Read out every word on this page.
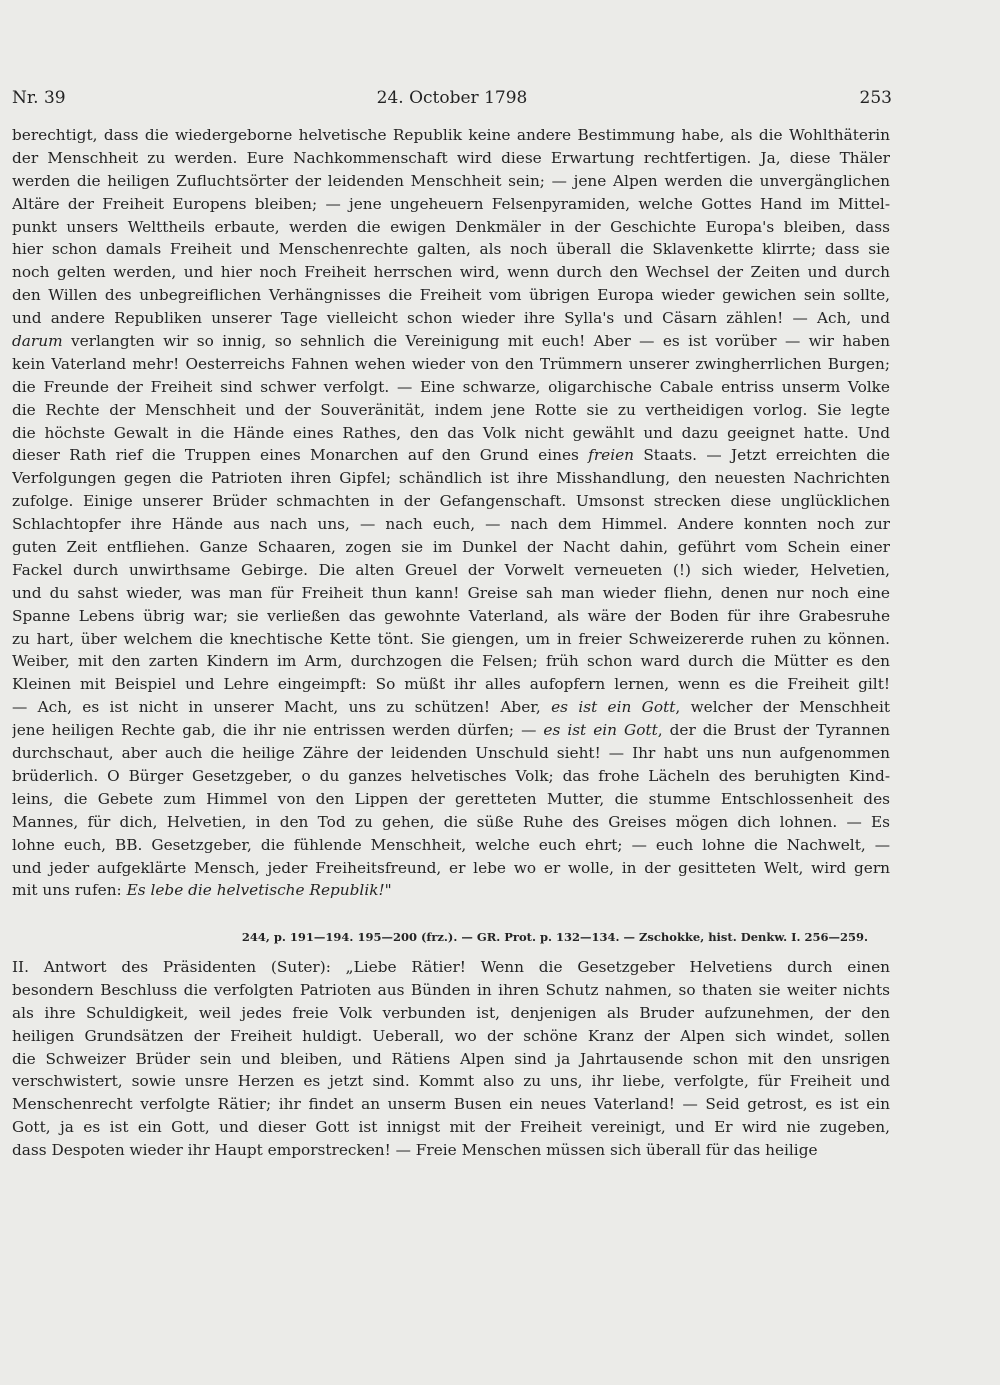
Nr. 39	24. October 1798	253
berechtigt, dass die wiedergeborne helvetische Republik keine andere Bestimmung habe, als die Wohlthäterin
der Menschheit zu werden. Eure Nachkommenschaft wird diese Erwartung rechtfertigen. Ja, diese Thäler
werden die heiligen Zufluchtsörter der leidenden Menschheit sein; — jene Alpen werden die unvergänglichen
Altäre der Freiheit Europens bleiben; — jene ungeheuern Felsenpyramiden, welche Gottes Hand im Mittel-
punkt unsers Welttheils erbaute, werden die ewigen Denkmäler in der Geschichte Europa's bleiben, dass
hier schon damals Freiheit und Menschenrechte galten, als noch überall die Sklavenkette klirrte; dass sie
noch gelten werden, und hier noch Freiheit herrschen wird, wenn durch den Wechsel der Zeiten und durch
den Willen des unbegreiflichen Verhängnisses die Freiheit vom übrigen Europa wieder gewichen sein sollte,
und andere Republiken unserer Tage vielleicht schon wieder ihre Sylla's und Cäsarn zählen! — Ach, und
darum verlangten wir so innig, so sehnlich die Vereinigung mit euch! Aber — es ist vorüber — wir haben
kein Vaterland mehr! Oesterreichs Fahnen wehen wieder von den Trümmern unserer zwingherrlichen Burgen;
die Freunde der Freiheit sind schwer verfolgt. — Eine schwarze, oligarchische Cabale entriss unserm Volke
die Rechte der Menschheit und der Souveränität, indem jene Rotte sie zu vertheidigen vorlog. Sie legte
die höchste Gewalt in die Hände eines Rathes, den das Volk nicht gewählt und dazu geeignet hatte. Und
dieser Rath rief die Truppen eines Monarchen auf den Grund eines freien Staats. — Jetzt erreichten die
Verfolgungen gegen die Patrioten ihren Gipfel; schändlich ist ihre Misshandlung, den neuesten Nachrichten
zufolge. Einige unserer Brüder schmachten in der Gefangenschaft. Umsonst strecken diese unglücklichen
Schlachtopfer ihre Hände aus nach uns, — nach euch, — nach dem Himmel. Andere konnten noch zur
guten Zeit entfliehen. Ganze Schaaren, zogen sie im Dunkel der Nacht dahin, geführt vom Schein einer
Fackel durch unwirthsame Gebirge. Die alten Greuel der Vorwelt verneueten (!) sich wieder, Helvetien,
und du sahst wieder, was man für Freiheit thun kann! Greise sah man wieder fliehn, denen nur noch eine
Spanne Lebens übrig war; sie verließen das gewohnte Vaterland, als wäre der Boden für ihre Grabesruhe
zu hart, über welchem die knechtische Kette tönt. Sie giengen, um in freier Schweizererde ruhen zu können.
Weiber, mit den zarten Kindern im Arm, durchzogen die Felsen; früh schon ward durch die Mütter es den
Kleinen mit Beispiel und Lehre eingeimpft: So müßt ihr alles aufopfern lernen, wenn es die Freiheit gilt!
— Ach, es ist nicht in unserer Macht, uns zu schützen! Aber, es ist ein Gott, welcher der Menschheit
jene heiligen Rechte gab, die ihr nie entrissen werden dürfen; — es ist ein Gott, der die Brust der Tyrannen
durchschaut, aber auch die heilige Zähre der leidenden Unschuld sieht! — Ihr habt uns nun aufgenommen
brüderlich. O Bürger Gesetzgeber, o du ganzes helvetisches Volk; das frohe Lächeln des beruhigten Kind-
leins, die Gebete zum Himmel von den Lippen der geretteten Mutter, die stumme Entschlossenheit des
Mannes, für dich, Helvetien, in den Tod zu gehen, die süße Ruhe des Greises mögen dich lohnen. — Es
lohne euch, BB. Gesetzgeber, die fühlende Menschheit, welche euch ehrt; — euch lohne die Nachwelt, —
und jeder aufgeklärte Mensch, jeder Freiheitsfreund, er lebe wo er wolle, in der gesitteten Welt, wird gern
mit uns rufen: Es lebe die helvetische Republik!"
244, p. 191—194. 195—200 (frz.). — GR. Prot. p. 132—134. — Zschokke, hist. Denkw. I. 256—259.
II. Antwort des Präsidenten (Suter): „Liebe Rätier! Wenn die Gesetzgeber Helvetiens durch einen
besondern Beschluss die verfolgten Patrioten aus Bünden in ihren Schutz nahmen, so thaten sie weiter nichts
als ihre Schuldigkeit, weil jedes freie Volk verbunden ist, denjenigen als Bruder aufzunehmen, der den
heiligen Grundsätzen der Freiheit huldigt. Ueberall, wo der schöne Kranz der Alpen sich windet, sollen
die Schweizer Brüder sein und bleiben, und Rätiens Alpen sind ja Jahrtausende schon mit den unsrigen
verschwistert, sowie unsre Herzen es jetzt sind. Kommt also zu uns, ihr liebe, verfolgte, für Freiheit und
Menschenrecht verfolgte Rätier; ihr findet an unserm Busen ein neues Vaterland! — Seid getrost, es ist ein
Gott, ja es ist ein Gott, und dieser Gott ist innigst mit der Freiheit vereinigt, und Er wird nie zugeben,
dass Despoten wieder ihr Haupt emporstrecken! — Freie Menschen müssen sich überall für das heilige
